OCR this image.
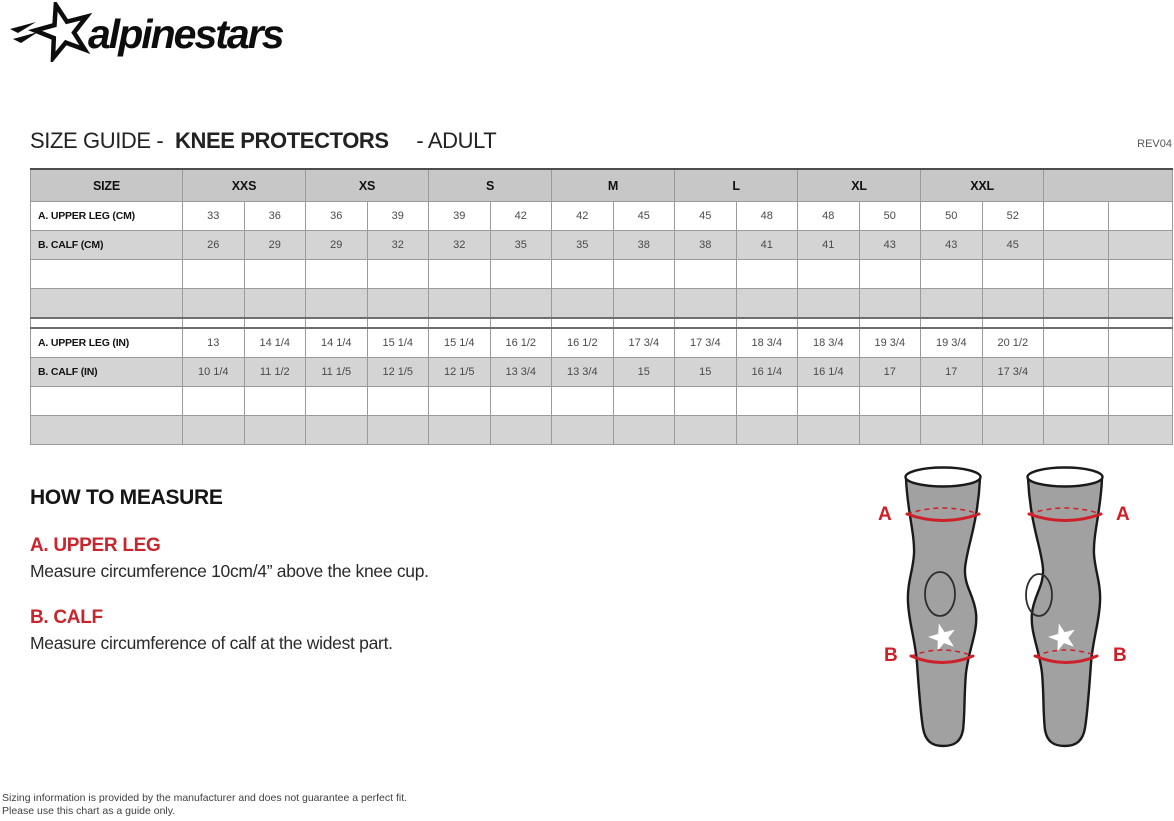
alpinestars
SIZE GUIDE - KNEE PROTECTORS - ADULT	REV04
SIZE	XXS		XS		S		M		L		XL		XXL			
A. UPPER LEG (CM)	33	36	36	39	39	42	42	45	45	48	48	50	50	52		
B. CALF (CM)	26	29	29	32	32	35	35	38	38	41	41	43	43	45		

A. UPPER LEG (IN)	13	14 1/4	14 1/4	15 1/4	15 1/4	16 1/2	16 1/2	17 3/4	17 3/4	18 3/4	18 3/4	19 3/4	19 3/4	20 1/2		
B. CALF (IN)	10 1/4	11 1/2	11 1/5	12 1/5	12 1/5	13 3/4	13 3/4	15	15	16 1/4	16 1/4	17	17	17 3/4		

HOW TO MEASURE
A. UPPER LEG
Measure circumference 10cm/4” above the knee cup.
B. CALF
Measure circumference of calf at the widest part.
A
B
A
B
Sizing information is provided by the manufacturer and does not guarantee a perfect fit.
Please use this chart as a guide only.
